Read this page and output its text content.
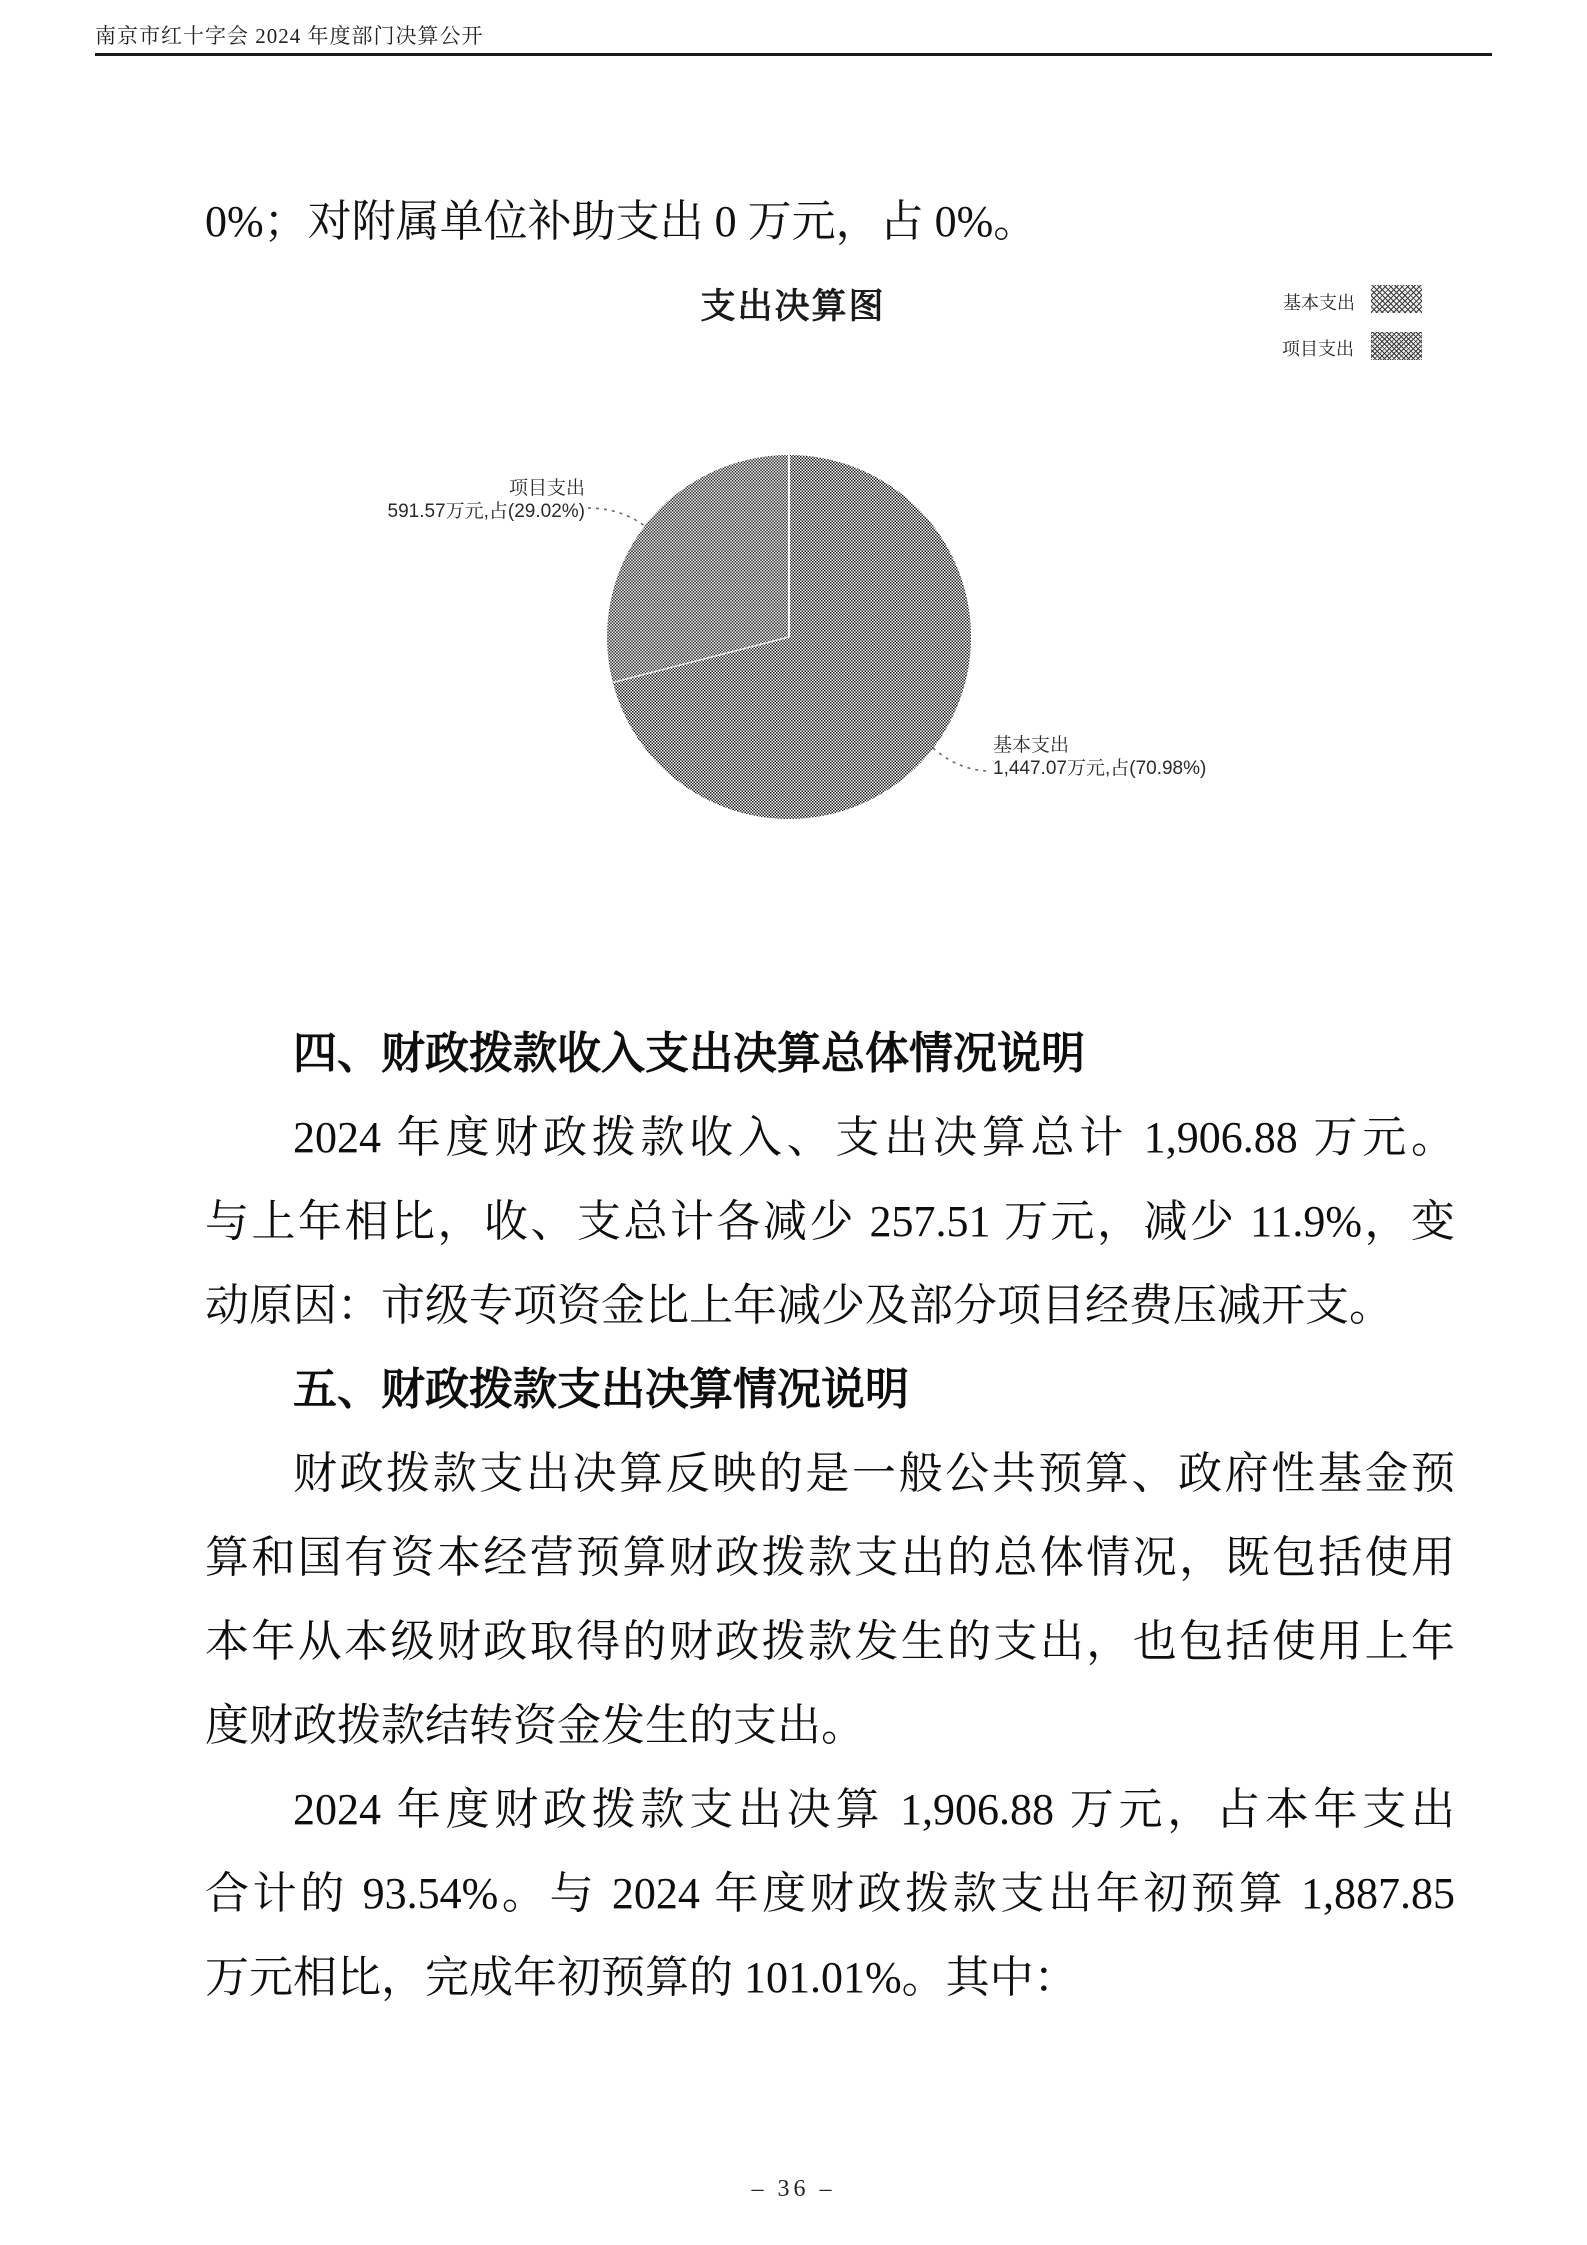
南京市红十字会 2024 年度部门决算公开
0%；对附属单位补助支出 0 万元，占 0%。
支出决算图	基本支出
项目支出
项目支出
591.57万元,占(29.02%)
基本支出
1,447.07万元,占(70.98%)
四、财政拨款收入支出决算总体情况说明
2024 年度财政拨款收入、支出决算总计 1,906.88 万元。
与上年相比，收、支总计各减少 257.51 万元，减少 11.9%，变
动原因：市级专项资金比上年减少及部分项目经费压减开支。
五、财政拨款支出决算情况说明
财政拨款支出决算反映的是一般公共预算、政府性基金预
算和国有资本经营预算财政拨款支出的总体情况，既包括使用
本年从本级财政取得的财政拨款发生的支出，也包括使用上年
度财政拨款结转资金发生的支出。
2024 年度财政拨款支出决算 1,906.88 万元，占本年支出
合计的 93.54%。与 2024 年度财政拨款支出年初预算 1,887.85
万元相比，完成年初预算的 101.01%。其中：
– 36 –
